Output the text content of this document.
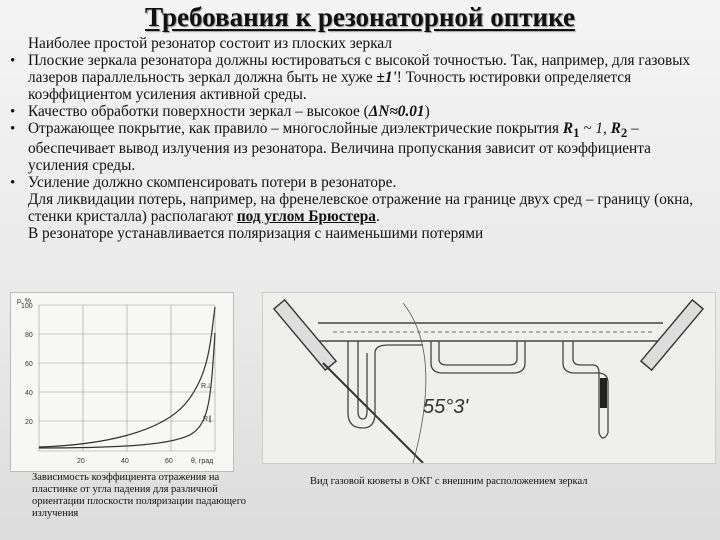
Требования к резонаторной оптике

Наиболее простой резонатор состоит из плоских зеркал

• Плоские зеркала резонатора должны юстироваться с высокой точностью. Так, например, для газовых лазеров параллельность зеркал должна быть не хуже ±1'! Точность юстировки определяется коэффициентом усиления активной среды.

• Качество обработки поверхности зеркал – высокое (ΔN≈0.01)

• Отражающее покрытие, как правило – многослойные диэлектрические покрытия $R_1$ ~ 1, $R_2$ – обеспечивает вывод излучения из резонатора. Величина пропускания зависит от коэффициента усиления среды.

• Усиление должно скомпенсировать потери в резонаторе.

Для ликвидации потерь, например, на френелевское отражение на границе двух сред – границу (окна, стенки кристалла) располагают под углом Брюстера.

В резонаторе устанавливается поляризация с наименьшими потерями

р, %
100
80
60
40
20
20	40	60	θ, град
R⊥
R∥
55°3'
Зависимость коэффициента отражения на пластинке от угла падения для различной ориентации плоскости поляризации падающего излучения
Вид газовой кюветы в ОКГ с внешним расположением зеркал
